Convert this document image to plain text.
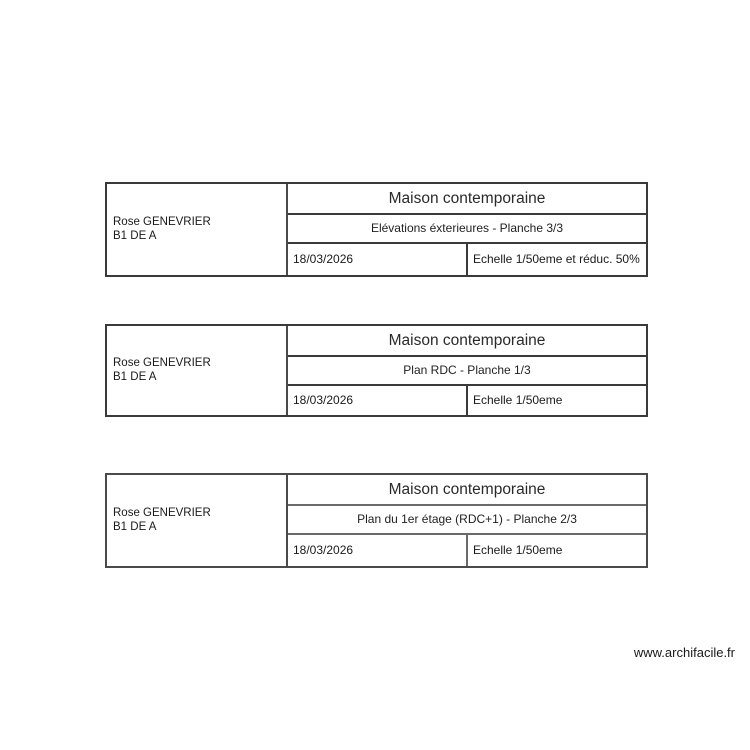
Rose GENEVRIER
B1 DE A
Maison contemporaine
Elévations éxterieures - Planche 3/3
18/03/2026	Echelle 1/50eme et réduc. 50%
Rose GENEVRIER
B1 DE A
Maison contemporaine
Plan RDC - Planche 1/3
18/03/2026	Echelle 1/50eme
Rose GENEVRIER
B1 DE A
Maison contemporaine
Plan du 1er étage (RDC+1) - Planche 2/3
18/03/2026	Echelle 1/50eme
www.archifacile.fr
